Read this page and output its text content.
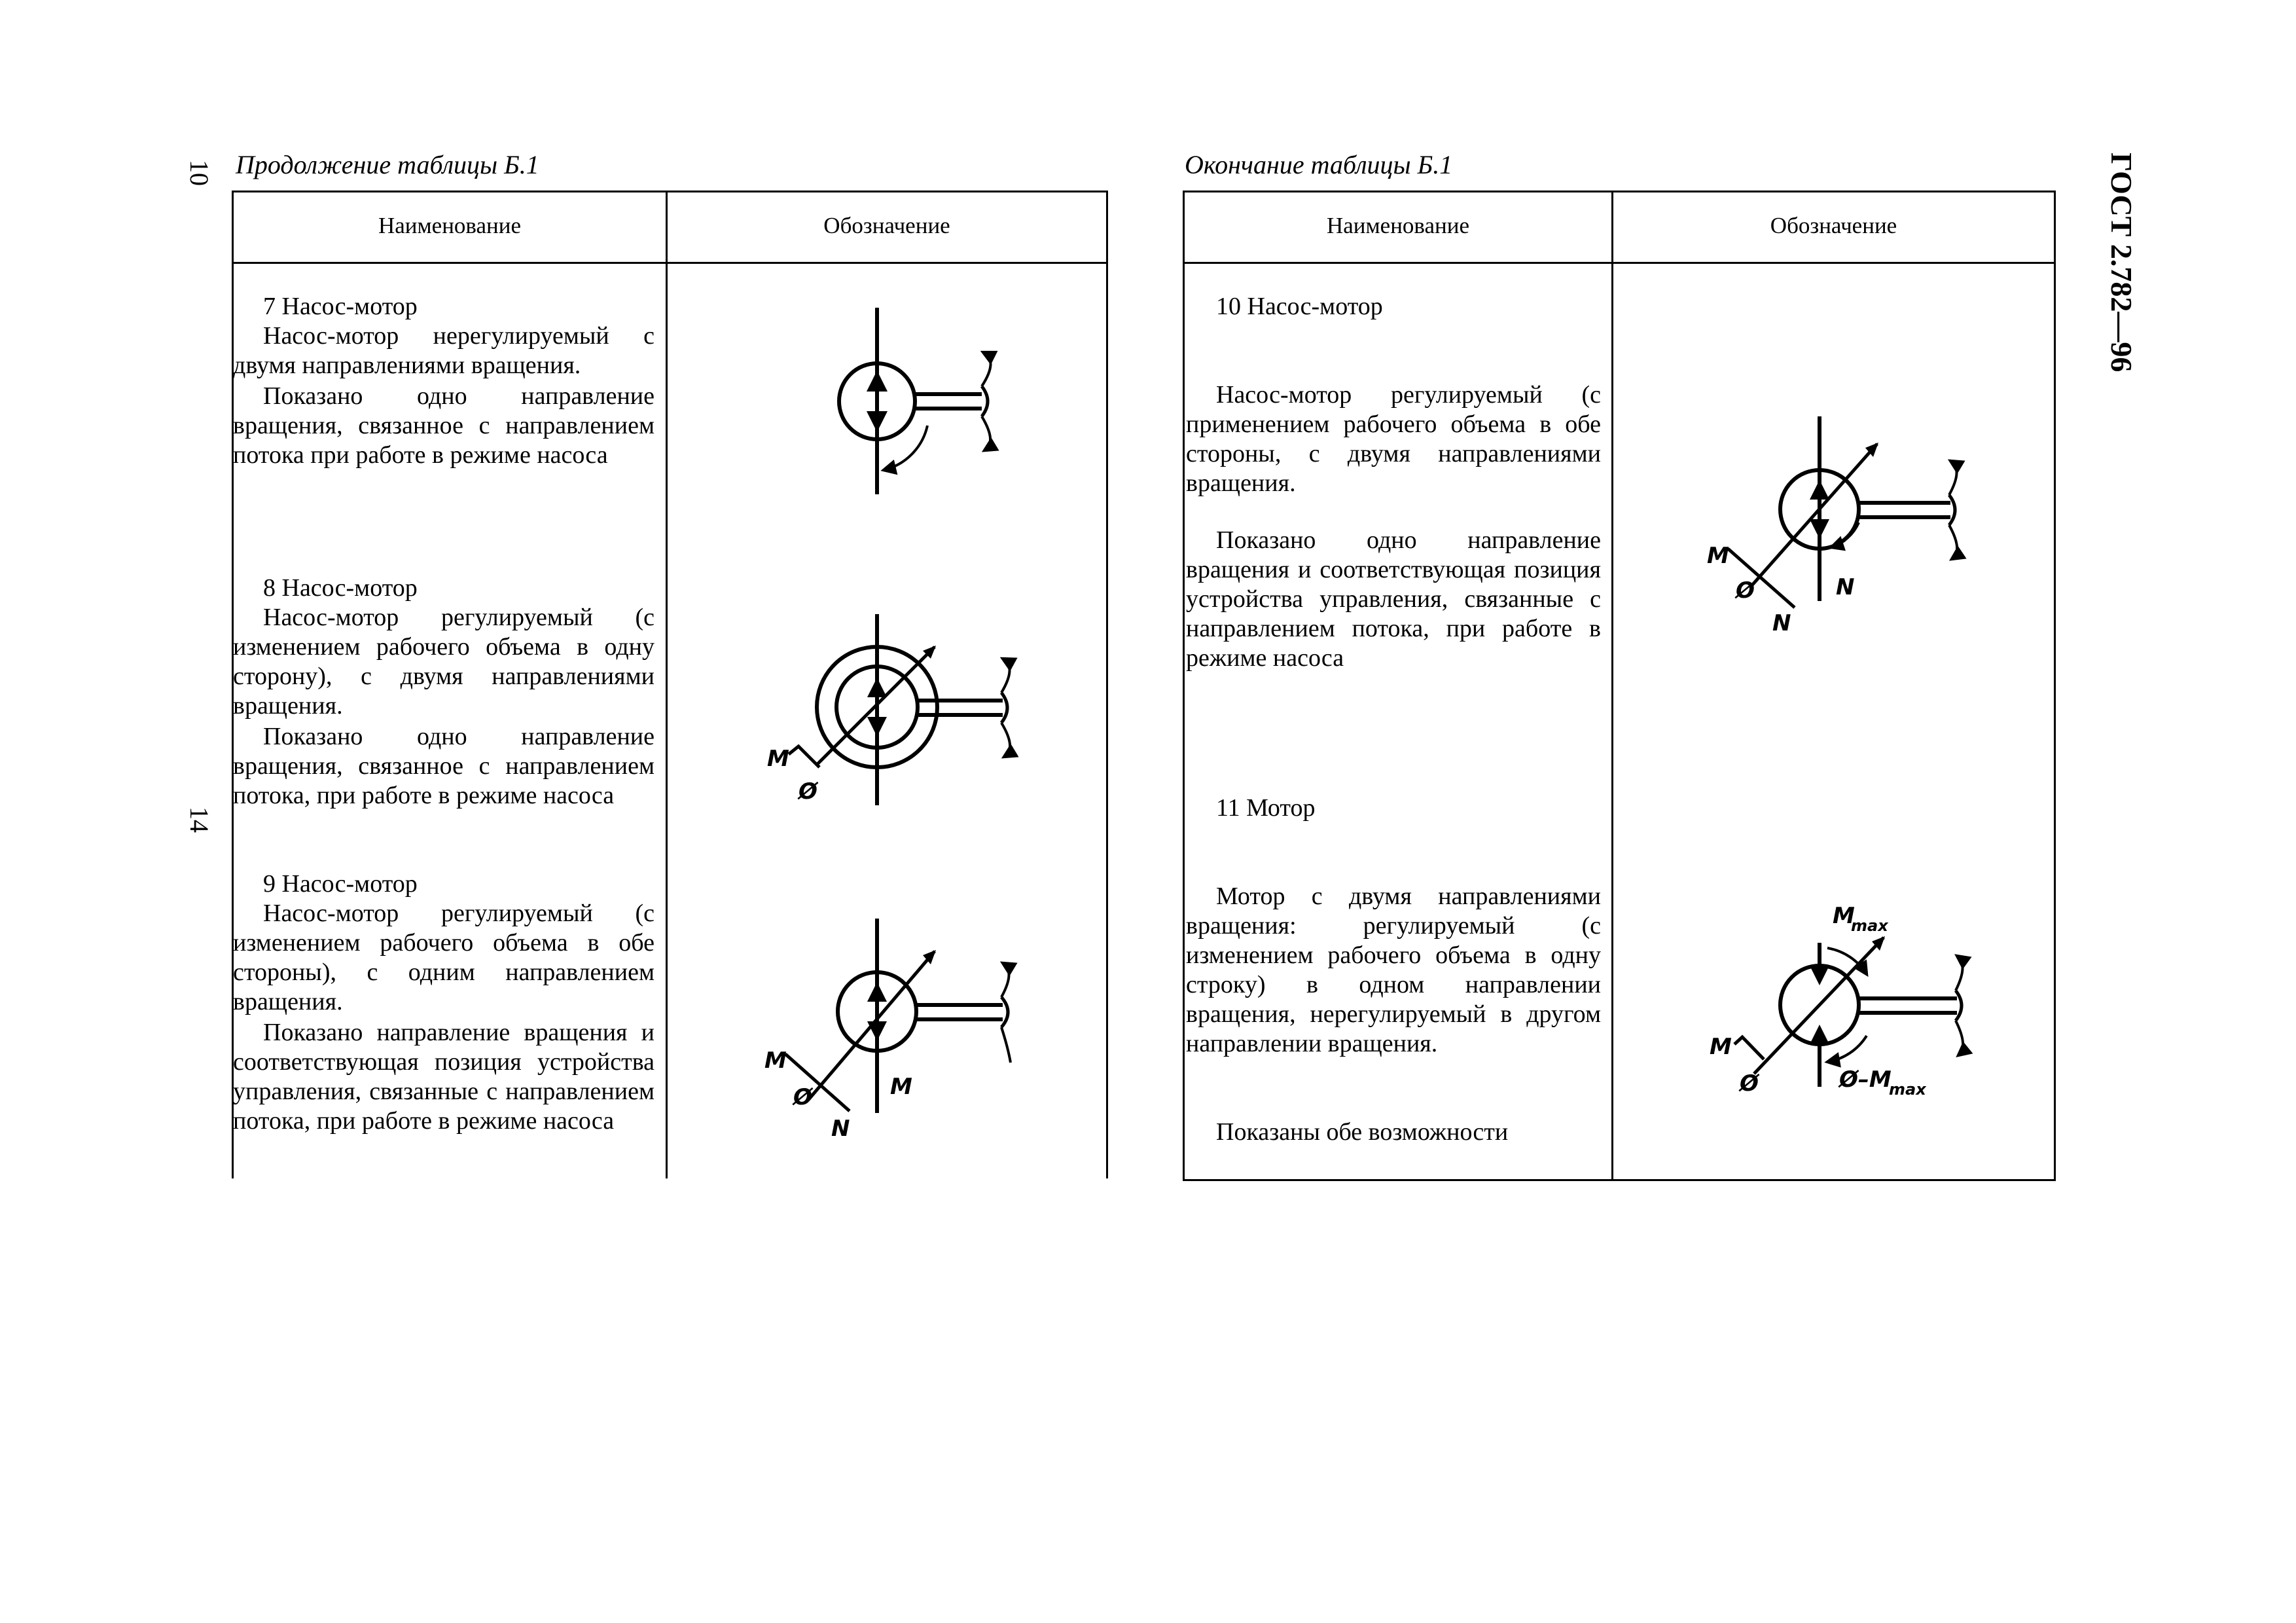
10
14
ГОСТ 2.782—96
Продолжение таблицы Б.1
Наименование	Обозначение

7 Насос-мотор

Насос-мотор нерегулируемый с двумя направлениями вращения.

Показано одно направление вращения, связанное с направлением потока при работе в режиме насоса

8 Насос-мотор

Насос-мотор регулируемый (с изменением рабочего объема в одну сторону), с двумя направлениями вращения.

Показано одно направление вращения, связанное с направлением потока, при работе в режиме насоса

9 Насос-мотор

Насос-мотор регулируемый (с изменением рабочего объема в обе стороны), с одним направлением вращения.

Показано направление вращения и соответствующая позиция устройства управления, связанные с направлением потока, при работе в режиме насоса

M
Ø
M
Ø
N
M
Окончание таблицы Б.1
Наименование	Обозначение

10 Насос-мотор

Насос-мотор регулируемый (с применением рабочего объема в обе стороны, с двумя направлениями вращения.

Показано одно направление вращения и соответствующая позиция устройства управления, связанные с направлением потока, при работе в режиме насоса

11 Мотор

Мотор с двумя направлениями вращения: регулируемый (с изменением рабочего объема в одну строку) в одном направлении вращения, нерегулируемый в другом направлении вращения.

Показаны обе возможности

M
Ø
N
N
M
max
M
Ø	Ø–M
max
